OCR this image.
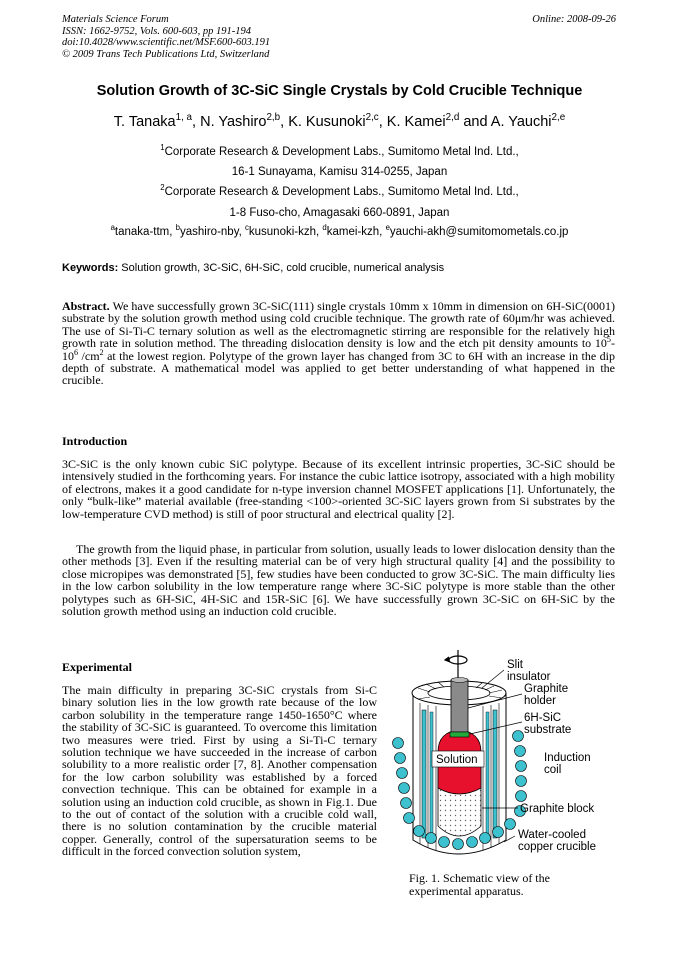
Materials Science Forum
ISSN: 1662-9752, Vols. 600-603, pp 191-194
doi:10.4028/www.scientific.net/MSF.600-603.191
© 2009 Trans Tech Publications Ltd, Switzerland
Online: 2008-09-26
Solution Growth of 3C-SiC Single Crystals by Cold Crucible Technique
T. Tanaka$^{1, a}$, N. Yashiro$^{2,b}$, K. Kusunoki$^{2,c}$, K. Kamei$^{2,d}$ and A. Yauchi$^{2,e}$
$^1$Corporate Research & Development Labs., Sumitomo Metal Ind. Ltd.,
16-1 Sunayama, Kamisu 314-0255, Japan
$^2$Corporate Research & Development Labs., Sumitomo Metal Ind. Ltd.,
1-8 Fuso-cho, Amagasaki 660-0891, Japan
$^a$tanaka-ttm, $^b$yashiro-nby, $^c$kusunoki-kzh, $^d$kamei-kzh, $^e$yauchi-akh@sumitomometals.co.jp
Keywords: Solution growth, 3C-SiC, 6H-SiC, cold crucible, numerical analysis
Abstract. We have successfully grown 3C-SiC(111) single crystals 10mm x 10mm in dimension on 6H-SiC(0001) substrate by the solution growth method using cold crucible technique. The growth rate of 60μm/hr was achieved. The use of Si-Ti-C ternary solution as well as the electromagnetic stirring are responsible for the relatively high growth rate in solution method. The threading dislocation density is low and the etch pit density amounts to $10^5-10^6$ $/cm^2$ at the lowest region. Polytype of the grown layer has changed from 3C to 6H with an increase in the dip depth of substrate. A mathematical model was applied to get better understanding of what happened in the crucible.
Introduction
3C-SiC is the only known cubic SiC polytype. Because of its excellent intrinsic properties, 3C-SiC should be intensively studied in the forthcoming years. For instance the cubic lattice isotropy, associated with a high mobility of electrons, makes it a good candidate for n-type inversion channel MOSFET applications [1]. Unfortunately, the only “bulk-like” material available (free-standing <100>-oriented 3C-SiC layers grown from Si substrates by the low-temperature CVD method) is still of poor structural and electrical quality [2].
The growth from the liquid phase, in particular from solution, usually leads to lower dislocation density than the other methods [3]. Even if the resulting material can be of very high structural quality [4] and the possibility to close micropipes was demonstrated [5], few studies have been conducted to grow 3C-SiC. The main difficulty lies in the low carbon solubility in the low temperature range where 3C-SiC polytype is more stable than the other polytypes such as 6H-SiC, 4H-SiC and 15R-SiC [6]. We have successfully grown 3C-SiC on 6H-SiC by the solution growth method using an induction cold crucible.
Experimental
The main difficulty in preparing 3C-SiC crystals from Si-C binary solution lies in the low growth rate because of the low carbon solubility in the temperature range 1450-1650°C where the stability of 3C-SiC is guaranteed. To overcome this limitation two measures were tried. First by using a Si-Ti-C ternary solution technique we have succeeded in the increase of carbon solubility to a more realistic order [7, 8]. Another compensation for the low carbon solubility was established by a forced convection technique. This can be obtained for example in a solution using an induction cold crucible, as shown in Fig.1. Due to the out of contact of the solution with a crucible cold wall, there is no solution contamination by the crucible material copper. Generally, control of the supersaturation seems to be difficult in the forced convection solution system,
Solution
Slit
insulator
Graphite
holder
6H-SiC
substrate
Induction
coil
Graphite block
Water-cooled
copper crucible
Fig. 1. Schematic view of the
experimental apparatus.
